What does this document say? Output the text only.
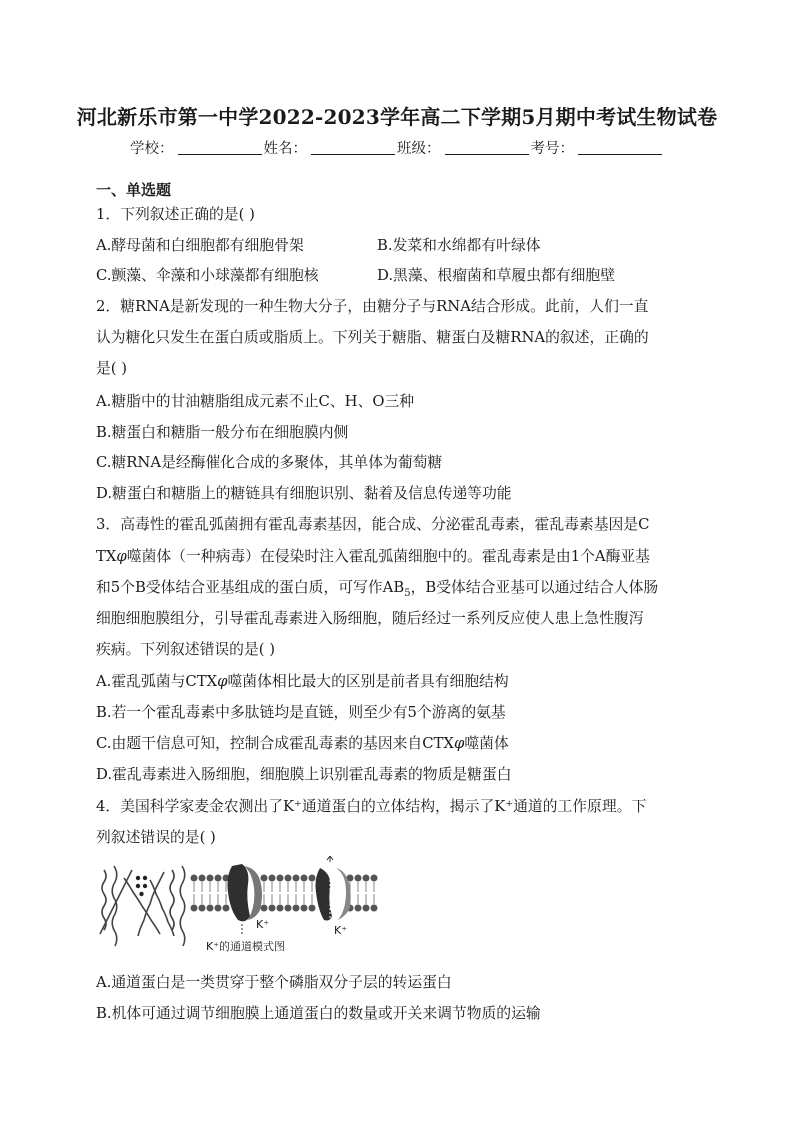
河北新乐市第一中学2022-2023学年高二下学期5月期中考试生物试卷
学校：	姓名：	班级：	考号：
一、单选题
1．下列叙述正确的是( )
A.酵母菌和白细胞都有细胞骨架	B.发菜和水绵都有叶绿体
C.颤藻、伞藻和小球藻都有细胞核	D.黑藻、根瘤菌和草履虫都有细胞壁
2．糖RNA是新发现的一种生物大分子，由糖分子与RNA结合形成。此前，人们一直
认为糖化只发生在蛋白质或脂质上。下列关于糖脂、糖蛋白及糖RNA的叙述，正确的
是( )
A.糖脂中的甘油糖脂组成元素不止C、H、O三种
B.糖蛋白和糖脂一般分布在细胞膜内侧
C.糖RNA是经酶催化合成的多聚体，其单体为葡萄糖
D.糖蛋白和糖脂上的糖链具有细胞识别、黏着及信息传递等功能
3．高毒性的霍乱弧菌拥有霍乱毒素基因，能合成、分泌霍乱毒素，霍乱毒素基因是C
TXφ噬菌体（一种病毒）在侵染时注入霍乱弧菌细胞中的。霍乱毒素是由1个A酶亚基
和5个B受体结合亚基组成的蛋白质，可写作$AB_5$，B受体结合亚基可以通过结合人体肠
细胞细胞膜组分，引导霍乱毒素进入肠细胞，随后经过一系列反应使人患上急性腹泻
疾病。下列叙述错误的是( )
A.霍乱弧菌与CTXφ噬菌体相比最大的区别是前者具有细胞结构
B.若一个霍乱毒素中多肽链均是直链，则至少有5个游离的氨基
C.由题干信息可知，控制合成霍乱毒素的基因来自CTXφ噬菌体
D.霍乱毒素进入肠细胞，细胞膜上识别霍乱毒素的物质是糖蛋白
4．美国科学家麦金农测出了K⁺通道蛋白的立体结构，揭示了K⁺通道的工作原理。下
列叙述错误的是( )
K⁺	K⁺
K⁺的通道模式图
A.通道蛋白是一类贯穿于整个磷脂双分子层的转运蛋白
B.机体可通过调节细胞膜上通道蛋白的数量或开关来调节物质的运输
